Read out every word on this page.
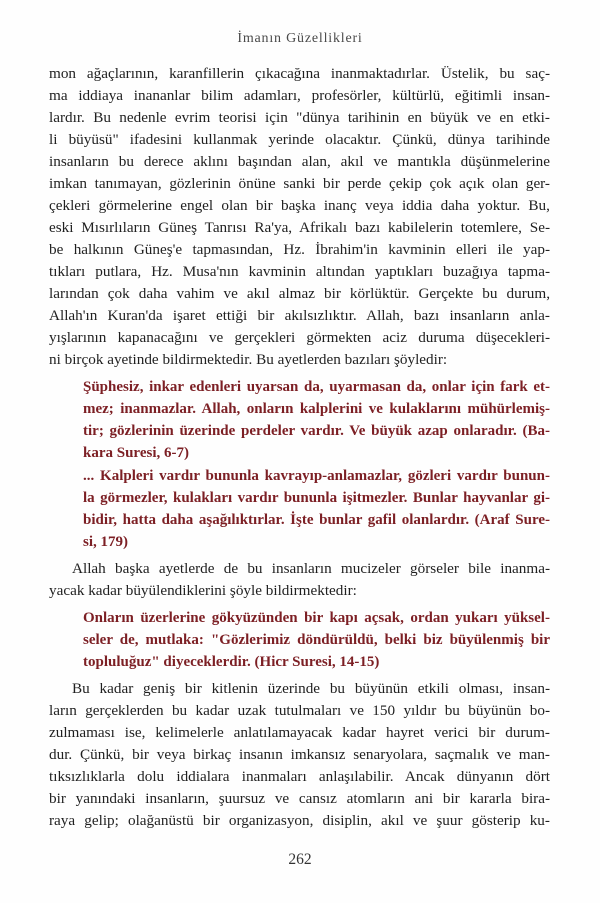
İmanın Güzellikleri
mon ağaçlarının, karanfillerin çıkacağına inanmaktadırlar. Üstelik, bu saç-
ma iddiaya inananlar bilim adamları, profesörler, kültürlü, eğitimli insan-
lardır. Bu nedenle evrim teorisi için "dünya tarihinin en büyük ve en etki-
li büyüsü" ifadesini kullanmak yerinde olacaktır. Çünkü, dünya tarihinde
insanların bu derece aklını başından alan, akıl ve mantıkla düşünmelerine
imkan tanımayan, gözlerinin önüne sanki bir perde çekip çok açık olan ger-
çekleri görmelerine engel olan bir başka inanç veya iddia daha yoktur. Bu,
eski Mısırlıların Güneş Tanrısı Ra'ya, Afrikalı bazı kabilelerin totemlere, Se-
be halkının Güneş'e tapmasından, Hz. İbrahim'in kavminin elleri ile yap-
tıkları putlara, Hz. Musa'nın kavminin altından yaptıkları buzağıya tapma-
larından çok daha vahim ve akıl almaz bir körlüktür. Gerçekte bu durum,
Allah'ın Kuran'da işaret ettiği bir akılsızlıktır. Allah, bazı insanların anla-
yışlarının kapanacağını ve gerçekleri görmekten aciz duruma düşecekleri-
ni birçok ayetinde bildirmektedir. Bu ayetlerden bazıları şöyledir:
Şüphesiz, inkar edenleri uyarsan da, uyarmasan da, onlar için fark et-
mez; inanmazlar. Allah, onların kalplerini ve kulaklarını mühürlemiş-
tir; gözlerinin üzerinde perdeler vardır. Ve büyük azap onlaradır. (Ba-
kara Suresi, 6-7)
... Kalpleri vardır bununla kavrayıp-anlamazlar, gözleri vardır bunun-
la görmezler, kulakları vardır bununla işitmezler. Bunlar hayvanlar gi-
bidir, hatta daha aşağılıktırlar. İşte bunlar gafil olanlardır. (Araf Sure-
si, 179)
Allah başka ayetlerde de bu insanların mucizeler görseler bile inanma-
yacak kadar büyülendiklerini şöyle bildirmektedir:
Onların üzerlerine gökyüzünden bir kapı açsak, ordan yukarı yüksel-
seler de, mutlaka: "Gözlerimiz döndürüldü, belki biz büyülenmiş bir
topluluğuz" diyeceklerdir. (Hicr Suresi, 14-15)
Bu kadar geniş bir kitlenin üzerinde bu büyünün etkili olması, insan-
ların gerçeklerden bu kadar uzak tutulmaları ve 150 yıldır bu büyünün bo-
zulmaması ise, kelimelerle anlatılamayacak kadar hayret verici bir durum-
dur. Çünkü, bir veya birkaç insanın imkansız senaryolara, saçmalık ve man-
tıksızlıklarla dolu iddialara inanmaları anlaşılabilir. Ancak dünyanın dört
bir yanındaki insanların, şuursuz ve cansız atomların ani bir kararla bira-
raya gelip; olağanüstü bir organizasyon, disiplin, akıl ve şuur gösterip ku-
262
